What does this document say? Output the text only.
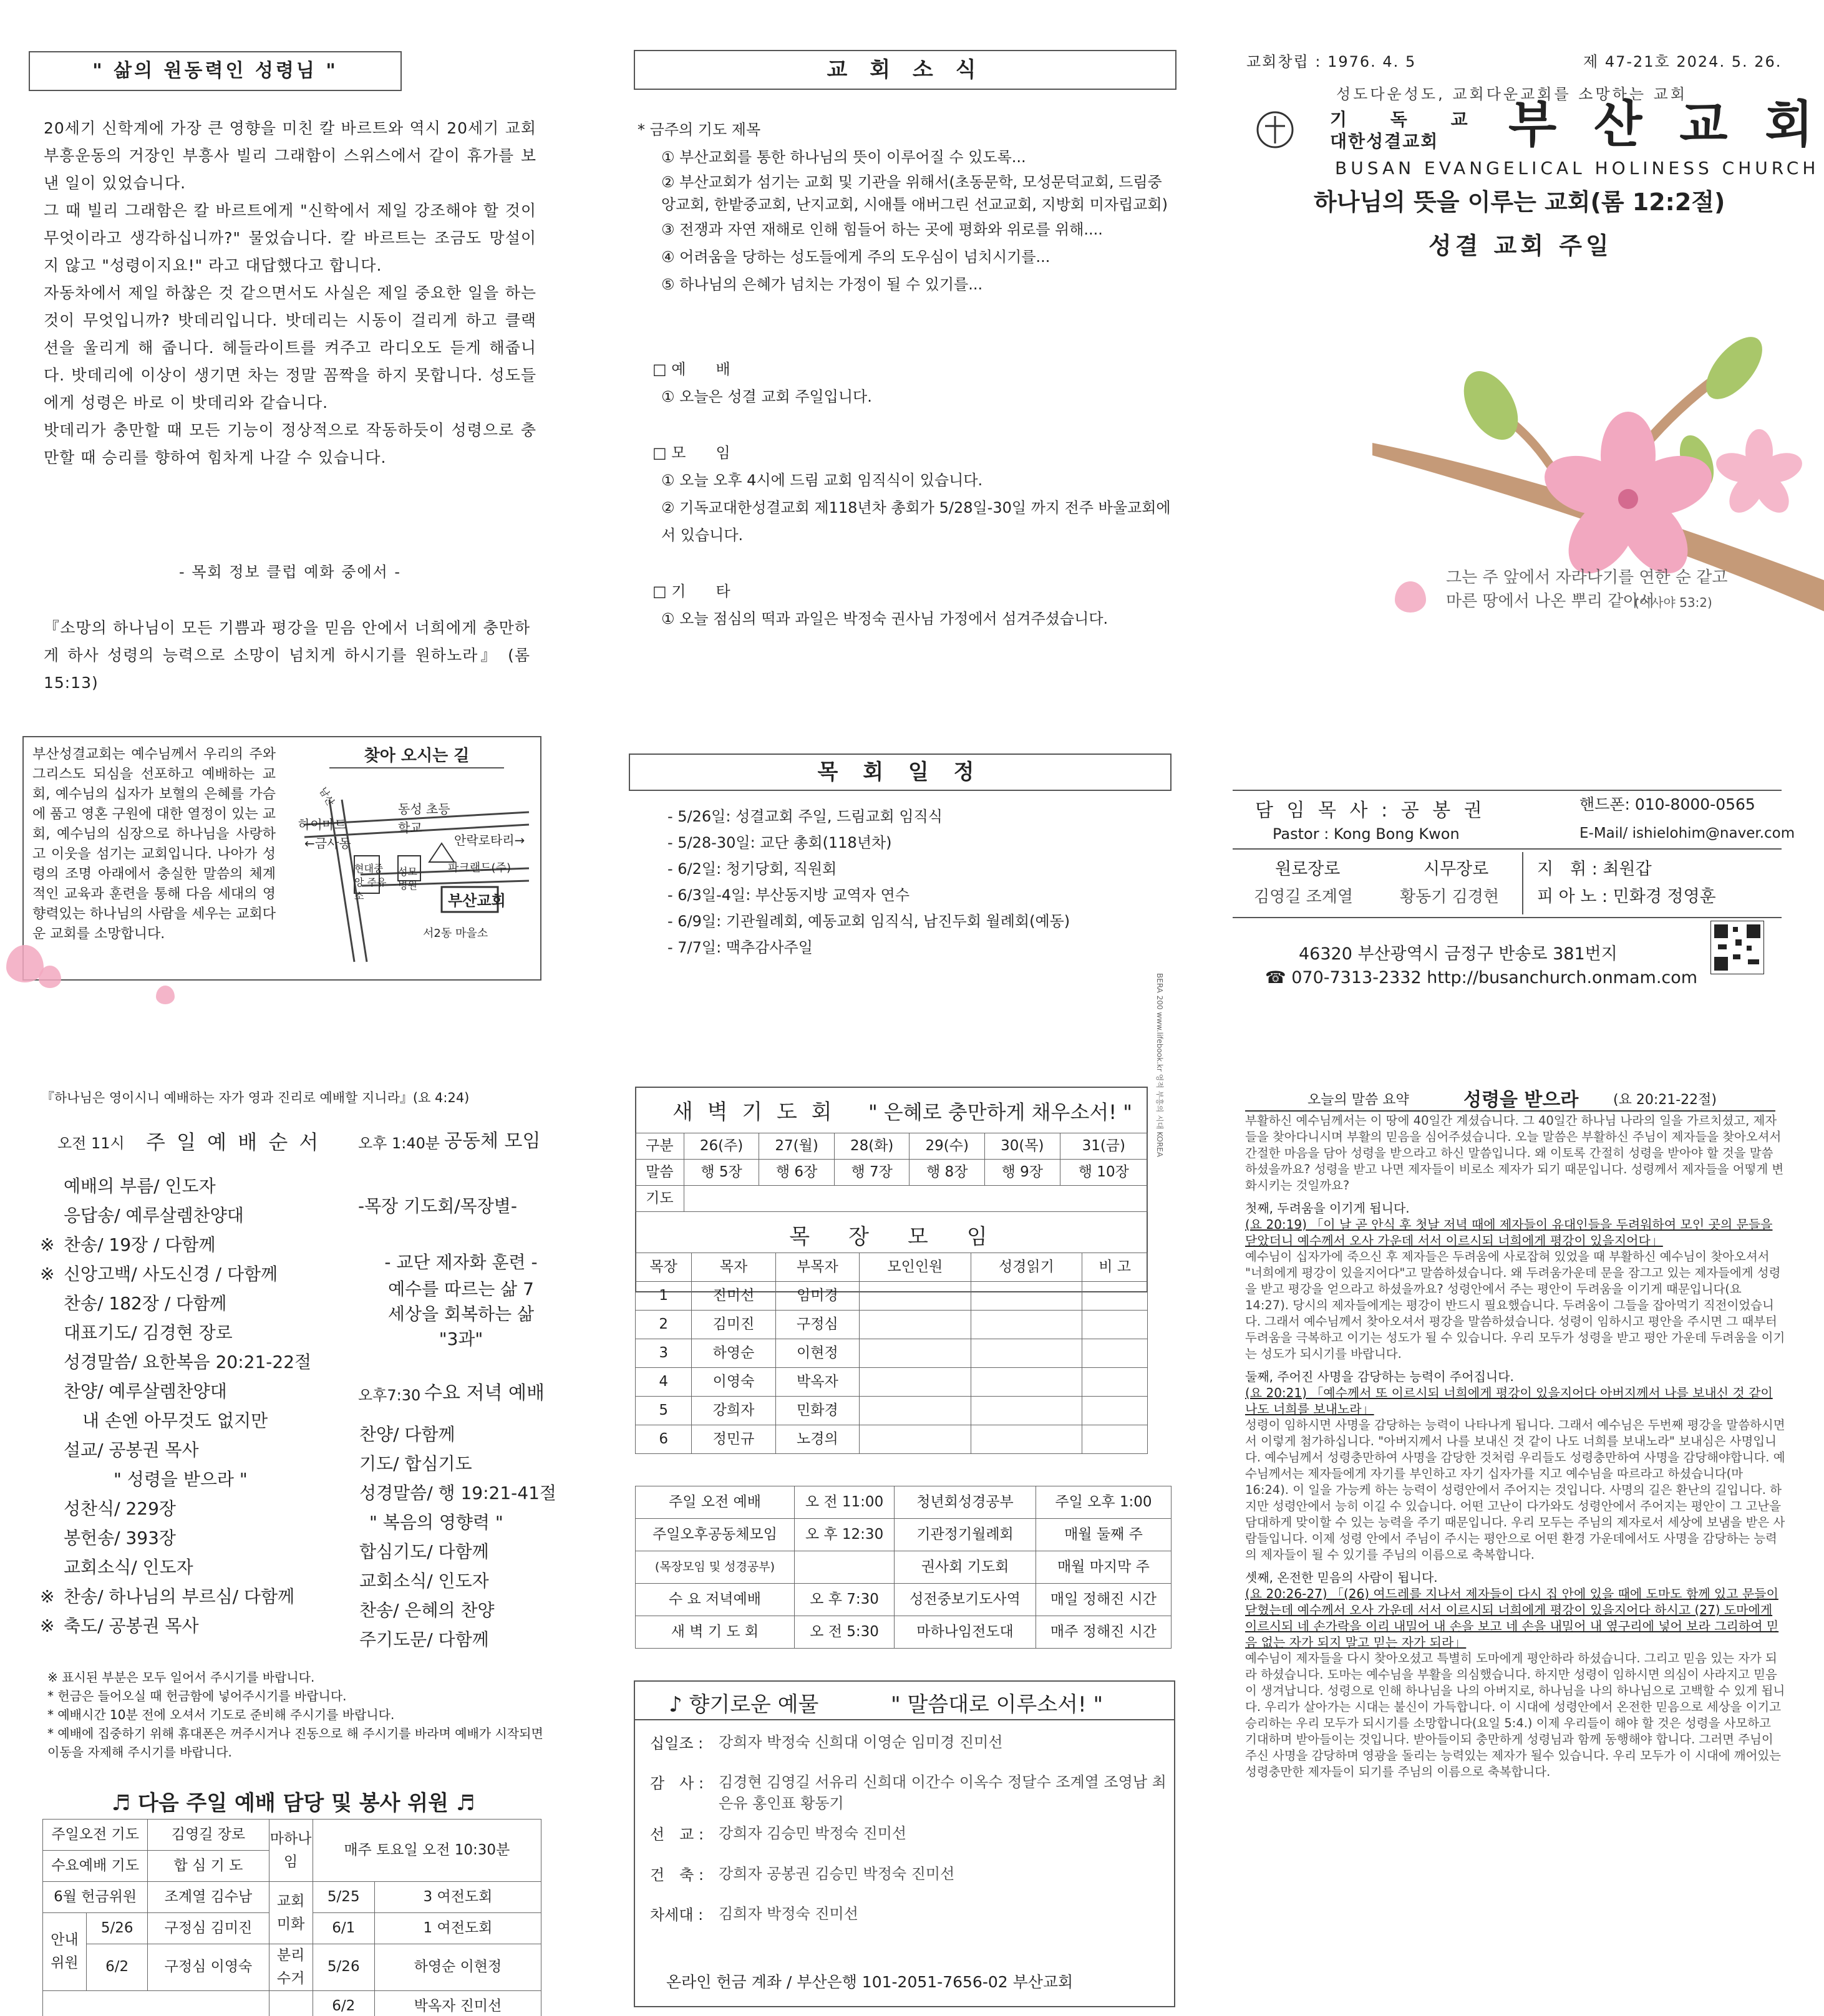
" 삶의 원동력인 성령님 "

20세기 신학계에 가장 큰 영향을 미친 칼 바르트와 역시 20세기 교회 부흥운동의 거장인 부흥사 빌리 그래함이 스위스에서 같이 휴가를 보낸 일이 있었습니다.

그 때 빌리 그래함은 칼 바르트에게 "신학에서 제일 강조해야 할 것이 무엇이라고 생각하십니까?" 물었습니다. 칼 바르트는 조금도 망설이지 않고 "성령이지요!" 라고 대답했다고 합니다.

자동차에서 제일 하찮은 것 같으면서도 사실은 제일 중요한 일을 하는 것이 무엇입니까? 밧데리입니다. 밧데리는 시동이 걸리게 하고 클랙션을 울리게 해 줍니다. 헤들라이트를 켜주고 라디오도 듣게 해줍니다. 밧데리에 이상이 생기면 차는 정말 꼼짝을 하지 못합니다. 성도들에게 성령은 바로 이 밧데리와 같습니다.

밧데리가 충만할 때 모든 기능이 정상적으로 작동하듯이 성령으로 충만할 때 승리를 향하여 힘차게 나갈 수 있습니다.

- 목회 정보 클럽 예화 중에서 -
『소망의 하나님이 모든 기쁨과 평강을 믿음 안에서 너희에게 충만하게 하사 성령의 능력으로 소망이 넘치게 하시기를 원하노라』 (롬 15:13)
부산성결교회는 예수님께서 우리의 주와 그리스도 되심을 선포하고 예배하는 교회, 예수님의 십자가 보혈의 은혜를 가슴에 품고 영혼 구원에 대한 열정이 있는 교회, 예수님의 심장으로 하나님을 사랑하고 이웃을 섬기는 교회입니다. 나아가 성령의 조명 아래에서 충실한 말씀의 체계적인 교육과 훈련을 통해 다음 세대의 영향력있는 하나님의 사람을 세우는 교회다운 교회를 소망합니다.
찾아 오시는 길
하이마트
←금사동
동성 초등학교
안락로타리→
현대중앙 주유소
성모 병원
파크랜드(주)
부산교회
서2동 마을소
남산
교 회 소 식
* 금주의 기도 제목
① 부산교회를 통한 하나님의 뜻이 이루어질 수 있도록...
② 부산교회가 섬기는 교회 및 기관을 위해서(초동문학, 모성문덕교회, 드림중앙교회, 한밭중교회, 난지교회, 시애틀 애버그린 선교교회, 지방회 미자립교회)
③ 전쟁과 자연 재해로 인해 힘들어 하는 곳에 평화와 위로를 위해....
④ 어려움을 당하는 성도들에게 주의 도우심이 넘치시기를...
⑤ 하나님의 은혜가 넘치는 가정이 될 수 있기를...
□ 예　　배
① 오늘은 성결 교회 주일입니다.
□ 모　　임
① 오늘 오후 4시에 드림 교회 임직식이 있습니다.
② 기독교대한성결교회 제118년차 총회가 5/28일-30일 까지 전주 바울교회에서 있습니다.
□ 기　　타
① 오늘 점심의 떡과 과일은 박정숙 권사님 가정에서 섬겨주셨습니다.
목 회 일 정
- 5/26일: 성결교회 주일, 드림교회 임직식
- 5/28-30일: 교단 총회(118년차)
- 6/2일: 청기당회, 직원회
- 6/3일-4일: 부산동지방 교역자 연수
- 6/9일: 기관월례회, 예동교회 임직식, 남진두회 월례회(예동)
- 7/7일: 맥추감사주일
교회창립 : 1976. 4. 5	제 47-21호 2024. 5. 26.
성도다운성도, 교회다운교회를 소망하는 교회
기 독 교
대한성결교회 부 산 교 회
BUSAN EVANGELICAL HOLINESS CHURCH
하나님의 뜻을 이루는 교회(롬 12:2절)
성결 교회 주일
그는 주 앞에서 자라나기를 연한 순 같고
마른 땅에서 나온 뿌리 같아서
(이사야 53:2)
BERA 200 www.lifebook.kr 영적 부흥의 시대 KOREA
담 임 목 사 : 공 봉 권	핸드폰: 010-8000-0565
Pastor : Kong Bong Kwon	E-Mail/ ishielohim@naver.com
원로장로
김영길 조계열
시무장로
황동기 김경현
지　휘 : 최원갑
피 아 노 : 민화경 정영훈
46320 부산광역시 금정구 반송로 381번지
☎ 070-7313-2332 http://busanchurch.onmam.com
『하나님은 영이시니 예배하는 자가 영과 진리로 예배할 지니라』(요 4:24)
오전 11시 주 일 예 배 순 서
예배의 부름/ 인도자
응답송/ 예루살렘찬양대
※ 찬송/ 19장 / 다함께
※ 신앙고백/ 사도신경 / 다함께
찬송/ 182장 / 다함께
대표기도/ 김경현 장로
성경말씀/ 요한복음 20:21-22절
찬양/ 예루살렘찬양대
내 손엔 아무것도 없지만
설교/ 공봉권 목사
" 성령을 받으라 "
성찬식/ 229장
봉헌송/ 393장
교회소식/ 인도자
※ 찬송/ 하나님의 부르심/ 다함께
※ 축도/ 공봉권 목사
오후 1:40분 공동체 모임
-목장 기도회/목장별-
- 교단 제자화 훈련 -
예수를 따르는 삶 7
세상을 회복하는 삶
"3과"
오후7:30 수요 저녁 예배
찬양/ 다함께
기도/ 합심기도
성경말씀/ 행 19:21-41절
" 복음의 영향력 "
합심기도/ 다함께
교회소식/ 인도자
찬송/ 은혜의 찬양
주기도문/ 다함께
※ 표시된 부분은 모두 일어서 주시기를 바랍니다.
* 헌금은 들어오실 때 헌금함에 넣어주시기를 바랍니다.
* 예배시간 10분 전에 오셔서 기도로 준비해 주시기를 바랍니다.
* 예배에 집중하기 위해 휴대폰은 꺼주시거나 진동으로 해 주시기를 바라며 예배가 시작되면 이동을 자제해 주시기를 바랍니다.
♬ 다음 주일 예배 담당 및 봉사 위원 ♬
주일오전 기도		김영길 장로	마하나임	매주 토요일 오전 10:30분	
수요예배 기도		합 심 기 도			
6월 헌금위원		조계열 김수남	교회 미화	5/25	3 여전도회
안내 위원	5/26	구정심 김미진		6/1	1 여전도회
	6/2	구정심 이영숙	분리 수거	5/26	하영순 이현정
				6/2	박옥자 진미선
새 벽 기 도 회 " 은혜로 충만하게 채우소서! "
구분	26(주)	27(월)	28(화)	29(수)	30(목)	31(금)
말씀	행 5장	행 6장	행 7장	행 8장	행 9장	행 10장
기도						
목　장　모　임
목장	목자	부목자	모인인원	성경읽기	비 고
1	진미선	임미경			
2	김미진	구정심			
3	하영순	이현정			
4	이영숙	박옥자			
5	강희자	민화경			
6	정민규	노경의			
주일 오전 예배	오 전 11:00	청년회성경공부	주일 오후 1:00
주일오후공동체모임	오 후 12:30	기관정기월례회	매월 둘째 주
(목장모임 및 성경공부)		권사회 기도회	매월 마지막 주
수 요 저녁예배	오 후 7:30	성전중보기도사역	매일 정해진 시간
새 벽 기 도 회	오 전 5:30	마하나임전도대	매주 정해진 시간
♪ 향기로운 예물	" 말씀대로 이루소서! "
십일조 :	강희자 박정숙 신희대 이영순 임미경 진미선
감　사 : 김경현 김영길 서유리 신희대 이간수 이옥수 정달수 조계열 조영남 최은유 홍인표 황동기
선　교 : 강희자 김승민 박정숙 진미선
건　축 : 강희자 공봉권 김승민 박정숙 진미선
차세대 :	김희자 박정숙 진미선
온라인 헌금 계좌 / 부산은행 101-2051-7656-02 부산교회
오늘의 말씀 요약	성령을 받으라	(요 20:21-22절)

부활하신 예수님께서는 이 땅에 40일간 계셨습니다. 그 40일간 하나님 나라의 일을 가르치셨고, 제자들을 찾아다니시며 부활의 믿음을 심어주셨습니다. 오늘 말씀은 부활하신 주님이 제자들을 찾아오셔서 간절한 마음을 담아 성령을 받으라고 하신 말씀입니다. 왜 이토록 간절히 성령을 받아야 할 것을 말씀 하셨을까요? 성령을 받고 나면 제자들이 비로소 제자가 되기 때문입니다. 성령께서 제자들을 어떻게 변화시키는 것일까요?

첫째, 두려움을 이기게 됩니다.

(요 20:19) 「이 날 곧 안식 후 첫날 저녁 때에 제자들이 유대인들을 두려워하여 모인 곳의 문들을 닫았더니 예수께서 오사 가운데 서서 이르시되 너희에게 평강이 있을지어다」

예수님이 십자가에 죽으신 후 제자들은 두려움에 사로잡혀 있었을 때 부활하신 예수님이 찾아오셔서 "너희에게 평강이 있을지어다"고 말씀하셨습니다. 왜 두려움가운데 문을 잠그고 있는 제자들에게 성령을 받고 평강을 얻으라고 하셨을까요? 성령안에서 주는 평안이 두려움을 이기게 때문입니다(요 14:27). 당시의 제자들에게는 평강이 반드시 필요했습니다. 두려움이 그들을 잡아먹기 직전이었습니다. 그래서 예수님께서 찾아오셔서 평강을 말씀하셨습니다. 성령이 임하시고 평안을 주시면 그 때부터 두려움을 극복하고 이기는 성도가 될 수 있습니다. 우리 모두가 성령을 받고 평안 가운데 두려움을 이기는 성도가 되시기를 바랍니다.

둘째, 주어진 사명을 감당하는 능력이 주어집니다.

(요 20:21) 「예수께서 또 이르시되 너희에게 평강이 있을지어다 아버지께서 나를 보내신 것 같이 나도 너희를 보내노라」

성령이 임하시면 사명을 감당하는 능력이 나타나게 됩니다. 그래서 예수님은 두번째 평강을 말씀하시면서 이렇게 첨가하십니다. "아버지께서 나를 보내신 것 같이 나도 너희를 보내노라" 보내심은 사명입니다. 예수님께서 성령충만하여 사명을 감당한 것처럼 우리들도 성령충만하여 사명을 감당해야합니다. 예수님께서는 제자들에게 자기를 부인하고 자기 십자가를 지고 예수님을 따르라고 하셨습니다(마 16:24). 이 일을 가능케 하는 능력이 성령안에서 주어지는 것입니다. 사명의 길은 환난의 길입니다. 하지만 성령안에서 능히 이길 수 있습니다. 어떤 고난이 다가와도 성령안에서 주어지는 평안이 그 고난을 담대하게 맞이할 수 있는 능력을 주기 때문입니다. 우리 모두는 주님의 제자로서 세상에 보냄을 받은 사람들입니다. 이제 성령 안에서 주님이 주시는 평안으로 어떤 환경 가운데에서도 사명을 감당하는 능력의 제자들이 될 수 있기를 주님의 이름으로 축복합니다.

셋째, 온전한 믿음의 사람이 됩니다.

(요 20:26-27) 「(26) 여드레를 지나서 제자들이 다시 집 안에 있을 때에 도마도 함께 있고 문들이 닫혔는데 예수께서 오사 가운데 서서 이르시되 너희에게 평강이 있을지어다 하시고 (27) 도마에게 이르시되 네 손가락을 이리 내밀어 내 손을 보고 네 손을 내밀어 내 옆구리에 넣어 보라 그리하여 믿음 없는 자가 되지 말고 믿는 자가 되라」

예수님이 제자들을 다시 찾아오셨고 특별히 도마에게 평안하라 하셨습니다. 그리고 믿음 있는 자가 되라 하셨습니다. 도마는 예수님을 부활을 의심했습니다. 하지만 성령이 임하시면 의심이 사라지고 믿음이 생겨납니다. 성령으로 인해 하나님을 나의 아버지로, 하나님을 나의 하나님으로 고백할 수 있게 됩니다. 우리가 살아가는 시대는 불신이 가득합니다. 이 시대에 성령안에서 온전한 믿음으로 세상을 이기고 승리하는 우리 모두가 되시기를 소망합니다(요일 5:4.) 이제 우리들이 해야 할 것은 성령을 사모하고 기대하며 받아들이는 것입니다. 받아들이되 충만하게 성령님과 함께 동행해야 합니다. 그러면 주님이 주신 사명을 감당하며 영광을 돌리는 능력있는 제자가 될수 있습니다. 우리 모두가 이 시대에 깨어있는 성령충만한 제자들이 되기를 주님의 이름으로 축복합니다.
